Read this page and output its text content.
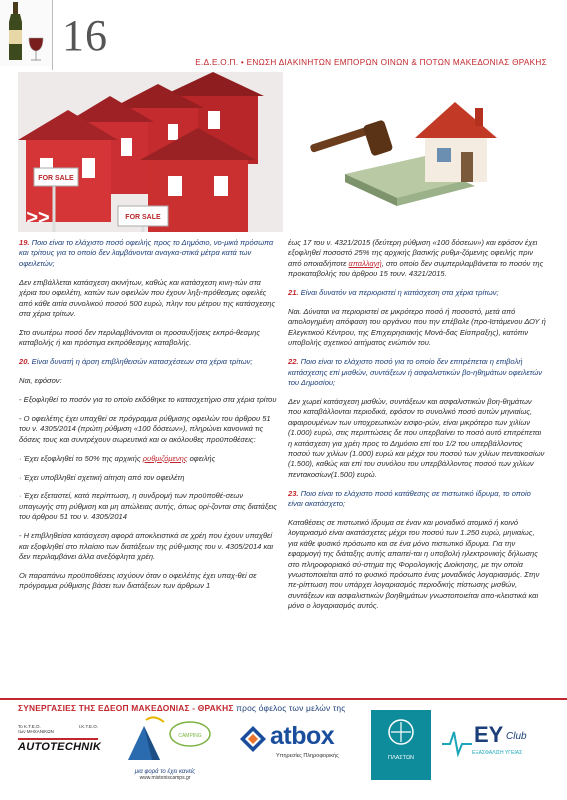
16
Ε.Δ.Ε.Ο.Π. • ΕΝΩΣΗ ΔΙΑΚΙΝΗΤΩΝ ΕΜΠΟΡΩΝ ΟΙΝΩΝ & ΠΟΤΩΝ ΜΑΚΕΔΟΝΙΑΣ ΘΡΑΚΗΣ
FOR SALE
FOR SALE
>>

19. Ποιο είναι το ελάχιστο ποσό οφειλής προς το Δημόσιο, νο-μικά πρόσωπα και τρίτους για το οποίο δεν λαμβάνονται αναγκα-στικά μέτρα κατά των οφειλετών;

Δεν επιβάλλεται κατάσχεση ακινήτων, καθώς και κατάσχεση κινη-τών στα χέρια του οφειλέτη, κατών των οφειλών που έχουν ληξι-πρόθεσμες οφειλές από κάθε αιτία συνολικού ποσού 500 ευρώ, πλην του μέτρου της κατάσχεσης στα χέρια τρίτων.

Στο ανωτέρω ποσό δεν περιλαμβάνονται οι προσαυξήσεις εκπρό-θεσμης καταβολής ή και πρόστιμα εκπρόθεσμης καταβολής.

20. Είναι δυνατή η άρση επιβληθεισών κατασχέσεων στα χέρια τρίτων;

Ναι, εφόσον:

- Εξοφληθεί το ποσόν για το οποίο εκδόθηκε το κατασχετήριο στα χέρια τρίτου

- Ο οφειλέτης έχει υπαχθεί σε πρόγραμμα ρύθμισης οφειλών του άρθρου 51 του ν. 4305/2014 (πρώτη ρύθμιση «100 δόσεων»), πληρώνει κανονικά τις δόσεις τους και συντρέχουν σωρευτικά και οι ακόλουθες προϋποθέσεις:

· Έχει εξοφληθεί το 50% της αρχικής ρυθμιζόμενης οφειλής

· Έχει υποβληθεί σχετική αίτηση από τον οφειλέτη

· Έχει εξεταστεί, κατά περίπτωση, η συνδρομή των προϋποθέ-σεων υπαγωγής στη ρύθμιση και μη απώλειας αυτής, όπως ορί-ζονται στις διατάξεις του άρθρου 51 του ν. 4305/2014

- Η επιβληθείσα κατάσχεση αφορά αποκλειστικά σε χρέη που έχουν υπαχθεί και εξοφληθεί στο πλαίσιο των διατάξεων της ρύθ-μισης του ν. 4305/2014 και δεν περιλαμβάνει άλλα ανεξόφλητα χρέη.

Οι παραπάνω προϋποθέσεις ισχύουν όταν ο οφειλέτης έχει υπαχ-θεί σε πρόγραμμα ρύθμισης βάσει των διατάξεων των άρθρων 1

έως 17 του ν. 4321/2015 (δεύτερη ρύθμιση «100 δόσεων») και εφόσον έχει εξοφληθεί ποσοστό 25% της αρχικής βασικής ρυθμι-ζόμενης οφειλής πριν από οποιαδήποτε απαλλαγή, στο οποίο δεν συμπεριλαμβάνεται το ποσόν της προκαταβολής του άρθρου 15 τουν. 4321/2015.

21. Είναι δυνατόν να περιοριστεί η κατάσχεση στα χέρια τρίτων;

Ναι. Δύναται να περιοριστεί σε μικρότερο ποσό ή ποσοστό, μετά από αιτιολογημένη απόφαση του οργάνου που την επέβαλε (προ-ϊστάμενου ΔΟΥ ή Ελεγκτικού Κέντρου, της Επιχειρησιακής Μονά-δας Είσπραξης), κατόπιν υποβολής σχετικού αιτήματος ενώπιόν του.

22. Ποιο είναι το ελάχιστο ποσό για το οποίο δεν επιτρέπεται η επιβολή κατάσχεσης επί μισθών, συντάξεων ή ασφαλιστικών βο-ηθημάτων οφειλετών του Δημοσίου;

Δεν χωρεί κατάσχεση μισθών, συντάξεων και ασφαλιστικών βοη-θημάτων που καταβάλλονται περιοδικά, εφόσον το συνολικό ποσό αυτών μηνιαίως, αφαιρουμένων των υποχρεωτικών εισφο-ρών, είναι μικρότερο των χιλίων (1.000) ευρώ, στις περιπτώσεις δε που υπερβαίνει το ποσό αυτό επιτρέπεται η κατάσχεση για χρέη προς το Δημόσιο επί του 1/2 του υπερβάλλοντος ποσού των χιλίων (1.000) ευρώ και μέχρι του ποσού των χιλίων πεντακοσίων (1.500), καθώς και επί του συνόλου του υπερβάλλοντος ποσού των χιλίων πεντακοσίων(1.500) ευρώ.

23. Ποιο είναι το ελάχιστο ποσό κατάθεσης σε πιστωτικό ίδρυμα, το οποίο είναι ακατάσχετο;

Καταθέσεις σε πιστωτικό ίδρυμα σε έναν και μοναδικό ατομικό ή κοινό λογαριασμό είναι ακατάσχετες μέχρι του ποσού των 1.250 ευρώ, μηνιαίως, για κάθε φυσικό πρόσωπο και σε ένα μόνο πιστωτικό ίδρυμα. Για την εφαρμογή της διάταξης αυτής απαιτεί-ται η υποβολή ηλεκτρονικής δήλωσης στο πληροφοριακό σύ-στημα της Φορολογικής Διοίκησης, με την οποία γνωστοποιείται από το φυσικό πρόσωπο ένας μοναδικός λογαριασμός. Στην πε-ρίπτωση που υπάρχει λογαριασμός περιοδικής πίστωσης μισθών, συντάξεων και ασφαλιστικών βοηθημάτων γνωστοποιείται απο-κλειστικά και μόνο ο λογαριασμός αυτός.

ΣΥΝΕΡΓΑΣΙΕΣ ΤΗΣ ΕΔΕΟΠ ΜΑΚΕΔΟΝΙΑΣ - ΘΡΑΚΗΣ προς όφελος των μελών της
Το Κ.Τ.Ε.Ο.
των ΜΗΧΑΝΙΚΩΝ
Ι.Κ.Τ.Ε.Ο.
AUTOTECHNIK
CAMPING
μια φορά το έχει κανείς
www.mistoniscamps.gr
atbox
Υπηρεσίες Πληροφορικής	ΠΛΑΣΤΩΝ
EY Club
ΕΞΑΣΦΑΛΙΣΗ ΥΓΕΙΑΣ
